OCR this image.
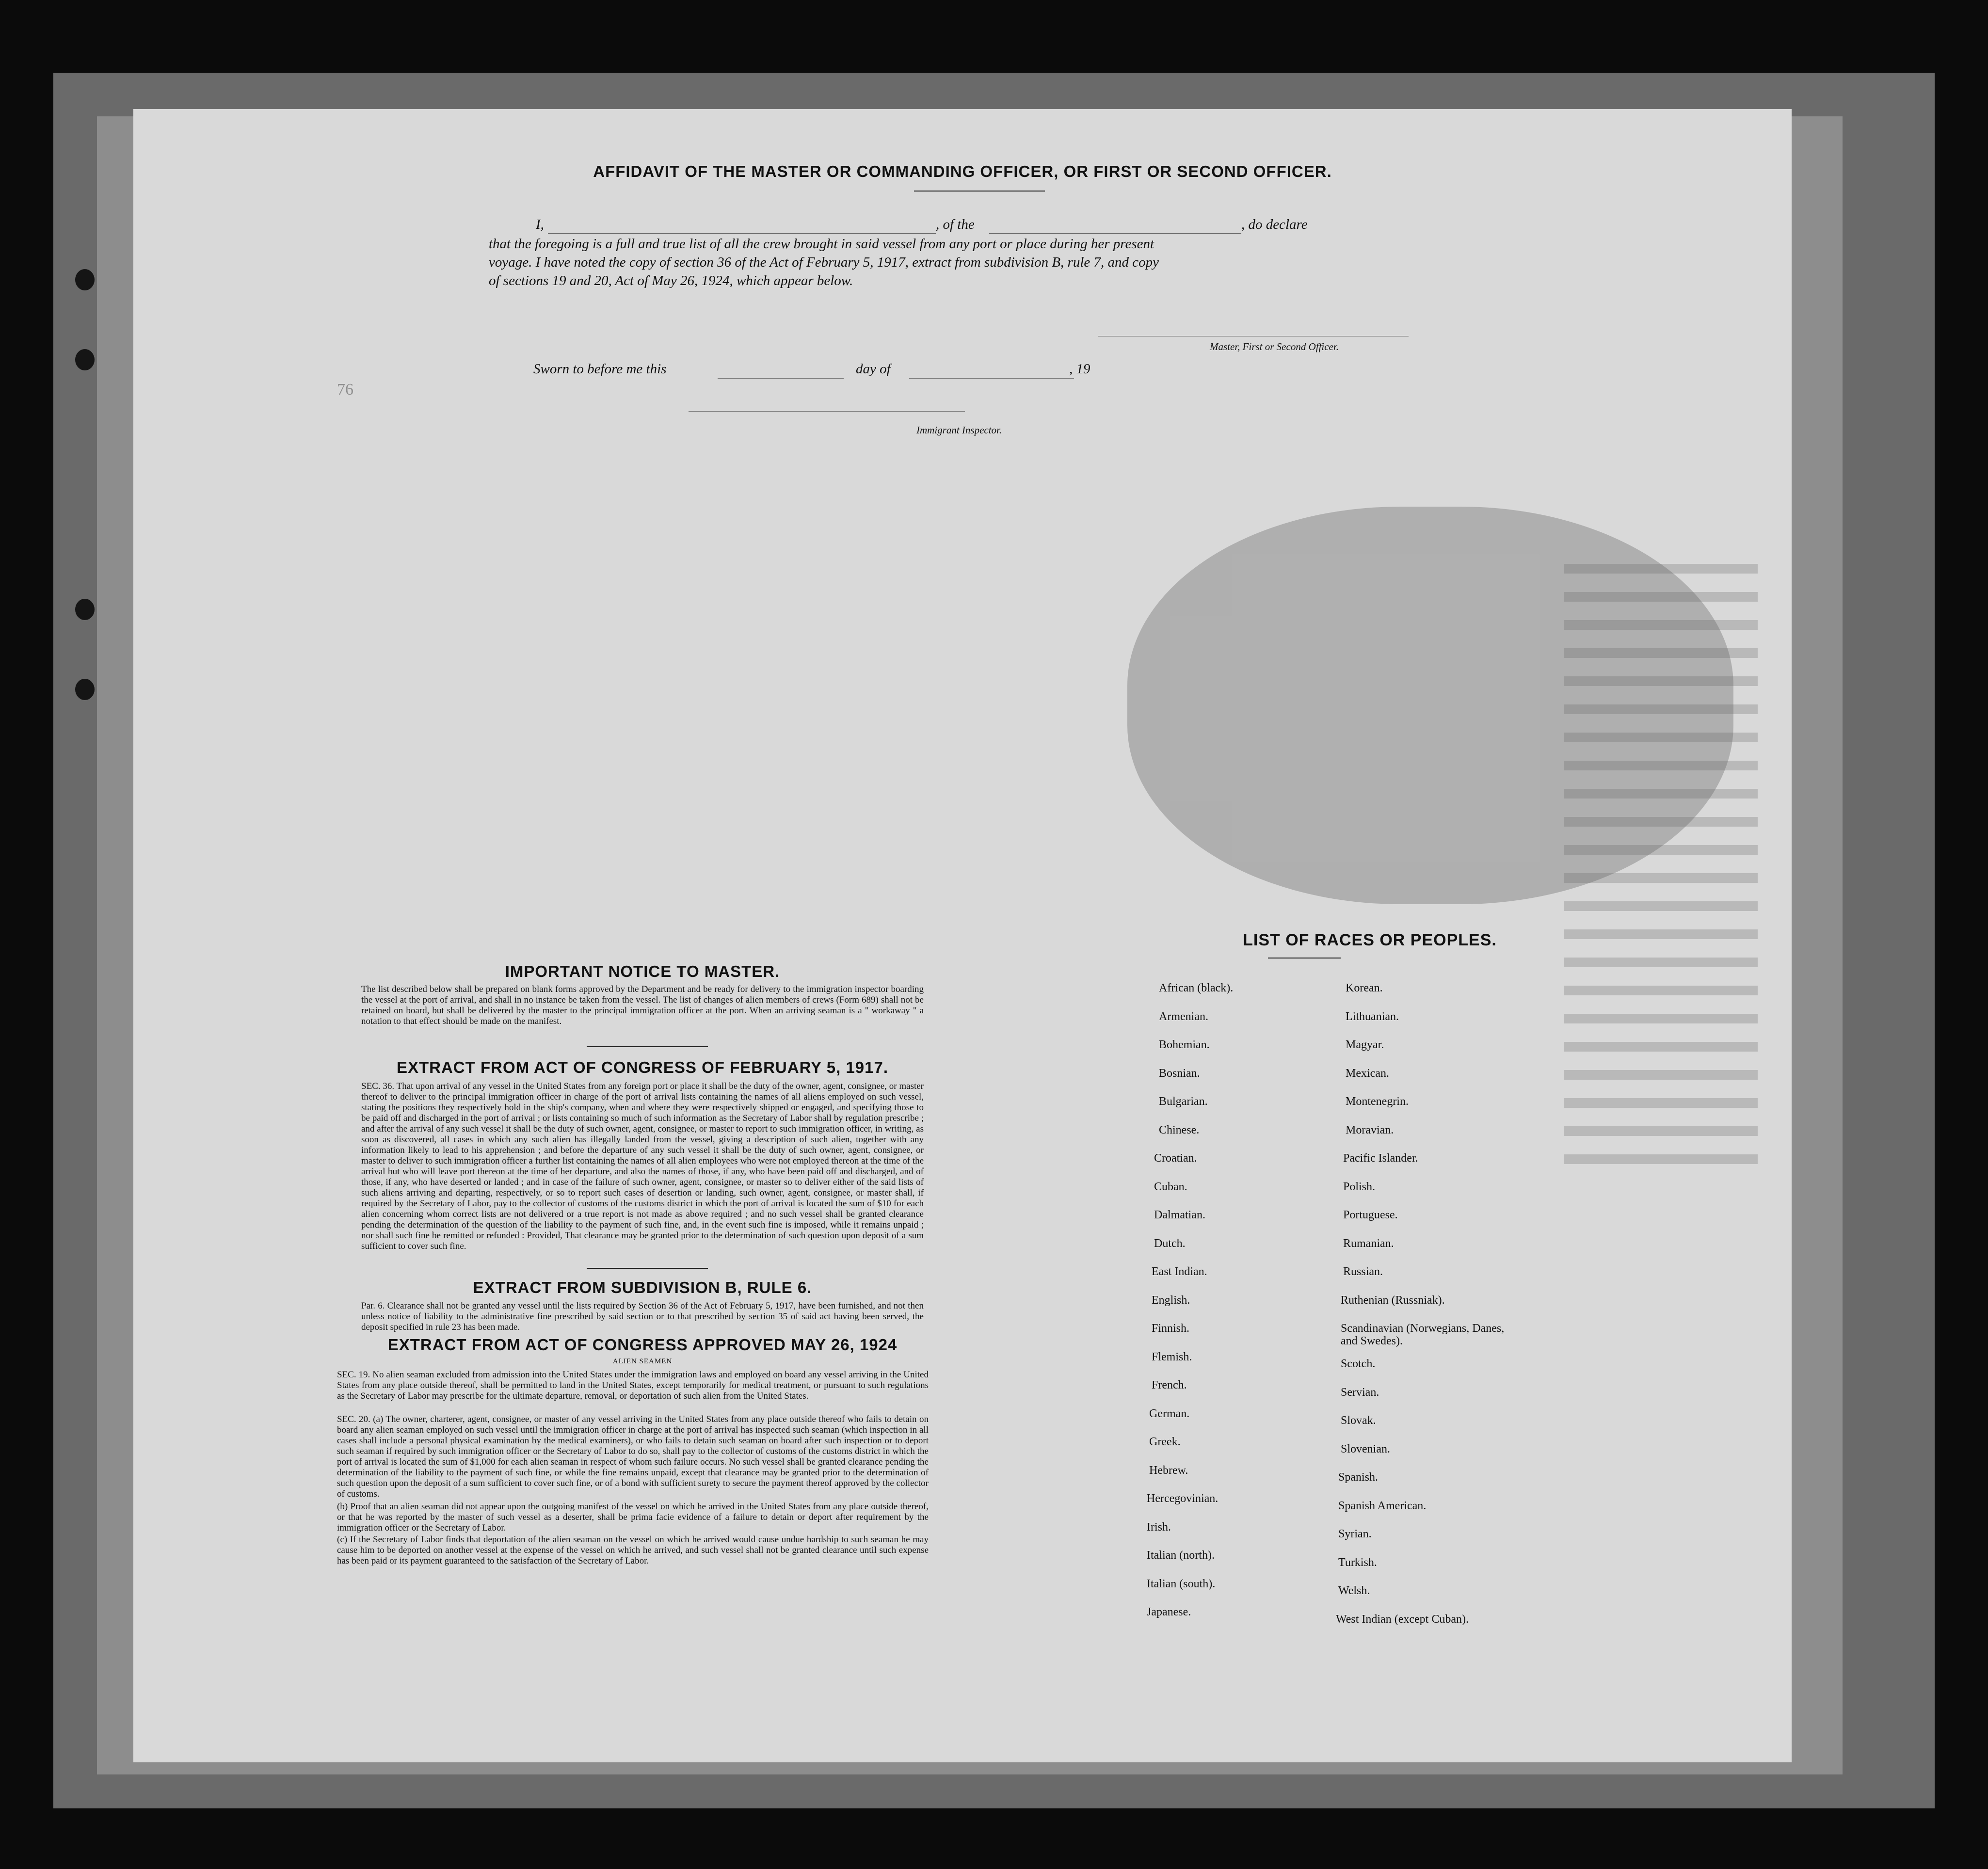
76
AFFIDAVIT OF THE MASTER OR COMMANDING OFFICER, OR FIRST OR SECOND OFFICER.
I,	, of the	, do declare
that the foregoing is a full and true list of all the crew brought in said vessel from any port or place during her present
voyage. I have noted the copy of section 36 of the Act of February 5, 1917, extract from subdivision B, rule 7, and copy
of sections 19 and 20, Act of May 26, 1924, which appear below.
Master, First or Second Officer.
Sworn to before me this	day of	, 19
Immigrant Inspector.
IMPORTANT NOTICE TO MASTER.
The list described below shall be prepared on blank forms approved by the Department and be ready for delivery to the immigration inspector boarding the vessel at the port of arrival, and shall in no instance be taken from the vessel. The list of changes of alien members of crews (Form 689) shall not be retained on board, but shall be delivered by the master to the principal immigration officer at the port. When an arriving seaman is a " workaway " a notation to that effect should be made on the manifest.
EXTRACT FROM ACT OF CONGRESS OF FEBRUARY 5, 1917.
SEC. 36. That upon arrival of any vessel in the United States from any foreign port or place it shall be the duty of the owner, agent, consignee, or master thereof to deliver to the principal immigration officer in charge of the port of arrival lists containing the names of all aliens employed on such vessel, stating the positions they respectively hold in the ship's company, when and where they were respectively shipped or engaged, and specifying those to be paid off and discharged in the port of arrival ; or lists containing so much of such information as the Secretary of Labor shall by regulation prescribe ; and after the arrival of any such vessel it shall be the duty of such owner, agent, consignee, or master to report to such immigration officer, in writing, as soon as discovered, all cases in which any such alien has illegally landed from the vessel, giving a description of such alien, together with any information likely to lead to his apprehension ; and before the departure of any such vessel it shall be the duty of such owner, agent, consignee, or master to deliver to such immigration officer a further list containing the names of all alien employees who were not employed thereon at the time of the arrival but who will leave port thereon at the time of her departure, and also the names of those, if any, who have been paid off and discharged, and of those, if any, who have deserted or landed ; and in case of the failure of such owner, agent, consignee, or master so to deliver either of the said lists of such aliens arriving and departing, respectively, or so to report such cases of desertion or landing, such owner, agent, consignee, or master shall, if required by the Secretary of Labor, pay to the collector of customs of the customs district in which the port of arrival is located the sum of $10 for each alien concerning whom correct lists are not delivered or a true report is not made as above required ; and no such vessel shall be granted clearance pending the determination of the question of the liability to the payment of such fine, and, in the event such fine is imposed, while it remains unpaid ; nor shall such fine be remitted or refunded : Provided, That clearance may be granted prior to the determination of such question upon deposit of a sum sufficient to cover such fine.
EXTRACT FROM SUBDIVISION B, RULE 6.
Par. 6. Clearance shall not be granted any vessel until the lists required by Section 36 of the Act of February 5, 1917, have been furnished, and not then unless notice of liability to the administrative fine prescribed by said section or to that prescribed by section 35 of said act having been served, the deposit specified in rule 23 has been made.
EXTRACT FROM ACT OF CONGRESS APPROVED MAY 26, 1924
ALIEN SEAMEN
SEC. 19. No alien seaman excluded from admission into the United States under the immigration laws and employed on board any vessel arriving in the United States from any place outside thereof, shall be permitted to land in the United States, except temporarily for medical treatment, or pursuant to such regulations as the Secretary of Labor may prescribe for the ultimate departure, removal, or deportation of such alien from the United States.
SEC. 20. (a) The owner, charterer, agent, consignee, or master of any vessel arriving in the United States from any place outside thereof who fails to detain on board any alien seaman employed on such vessel until the immigration officer in charge at the port of arrival has inspected such seaman (which inspection in all cases shall include a personal physical examination by the medical examiners), or who fails to detain such seaman on board after such inspection or to deport such seaman if required by such immigration officer or the Secretary of Labor to do so, shall pay to the collector of customs of the customs district in which the port of arrival is located the sum of $1,000 for each alien seaman in respect of whom such failure occurs. No such vessel shall be granted clearance pending the determination of the liability to the payment of such fine, or while the fine remains unpaid, except that clearance may be granted prior to the determination of such question upon the deposit of a sum sufficient to cover such fine, or of a bond with sufficient surety to secure the payment thereof approved by the collector of customs.
(b) Proof that an alien seaman did not appear upon the outgoing manifest of the vessel on which he arrived in the United States from any place outside thereof, or that he was reported by the master of such vessel as a deserter, shall be prima facie evidence of a failure to detain or deport after requirement by the immigration officer or the Secretary of Labor.
(c) If the Secretary of Labor finds that deportation of the alien seaman on the vessel on which he arrived would cause undue hardship to such seaman he may cause him to be deported on another vessel at the expense of the vessel on which he arrived, and such vessel shall not be granted clearance until such expense has been paid or its payment guaranteed to the satisfaction of the Secretary of Labor.
LIST OF RACES OR PEOPLES.
African (black).
Armenian.
Bohemian.
Bosnian.
Bulgarian.
Chinese.
Croatian.
Cuban.
Dalmatian.
Dutch.
East Indian.
English.
Finnish.
Flemish.
French.
German.
Greek.
Hebrew.
Hercegovinian.
Irish.
Italian (north).
Italian (south).
Japanese.
Korean.
Lithuanian.
Magyar.
Mexican.
Montenegrin.
Moravian.
Pacific Islander.
Polish.
Portuguese.
Rumanian.
Russian.
Ruthenian (Russniak).
Scandinavian (Norwegians, Danes, and Swedes).
Scotch.
Servian.
Slovak.
Slovenian.
Spanish.
Spanish American.
Syrian.
Turkish.
Welsh.
West Indian (except Cuban).
